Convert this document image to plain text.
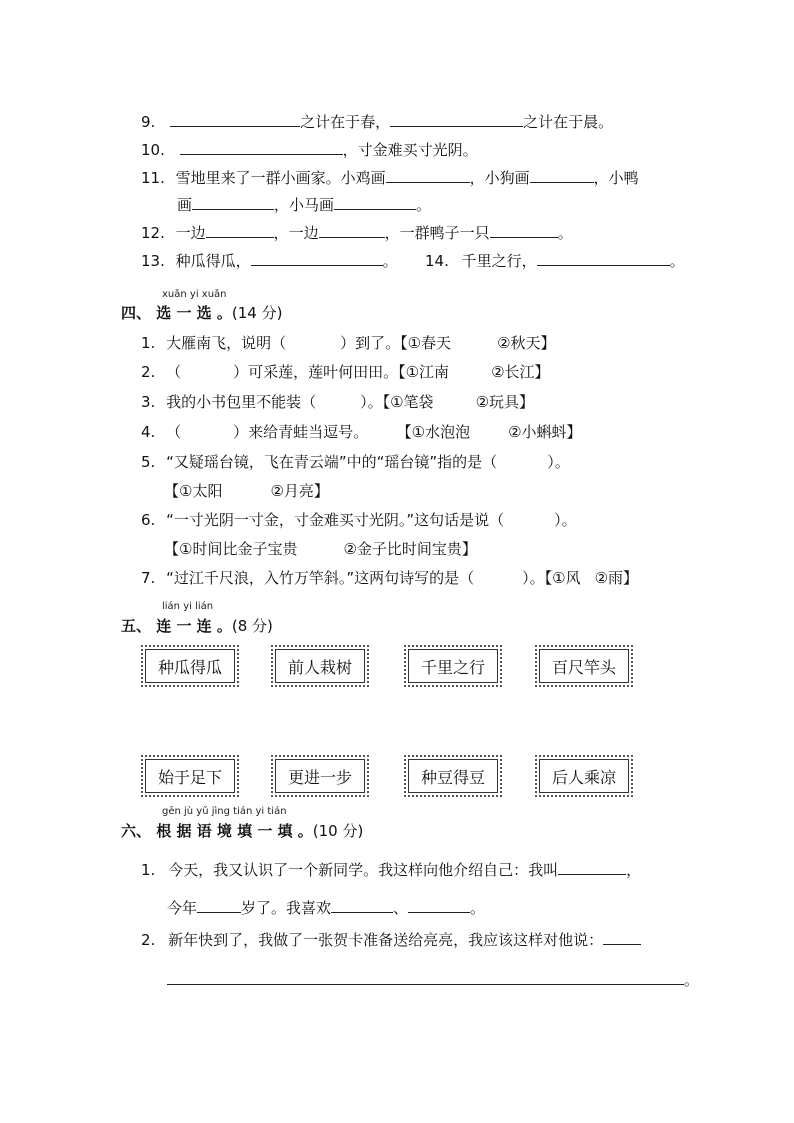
9.	之计在于春，	之计在于晨。
10.	，寸金难买寸光阴。
11. 雪地里来了一群小画家。小鸡画	，小狗画	，小鸭
画	，小马画	。
12. 一边	，一边	，一群鸭子一只	。
13. 种瓜得瓜，	。 14. 千里之行，	。
xuǎn yi xuǎn
四、 选 一 选 。(14 分)
1. 大雁南飞，说明（	）到了。【①春天	②秋天】
2. （	）可采莲，莲叶何田田。【①江南	②长江】
3. 我的小书包里不能装（	）。【①笔袋	②玩具】
4. （	）来给青蛙当逗号。 【①水泡泡	②小蝌蚪】
5. “又疑瑶台镜，飞在青云端”中的“瑶台镜”指的是（	）。
【①太阳	②月亮】
6. “一寸光阴一寸金，寸金难买寸光阴。”这句话是说（	）。
【①时间比金子宝贵	②金子比时间宝贵】
7. “过江千尺浪，入竹万竿斜。”这两句诗写的是（	）。【①风 ②雨】
lián yi lián
五、 连 一 连 。(8 分)
种瓜得瓜	前人栽树	千里之行	百尺竿头
始于足下	更进一步	种豆得豆	后人乘凉
gēn jù yǔ jìng tián yi tián
六、 根 据 语 境 填 一 填 。(10 分)
1. 今天，我又认识了一个新同学。我这样向他介绍自己：我叫	，
今年	岁了。我喜欢	、	。
2. 新年快到了，我做了一张贺卡准备送给亮亮，我应该这样对他说：
。
